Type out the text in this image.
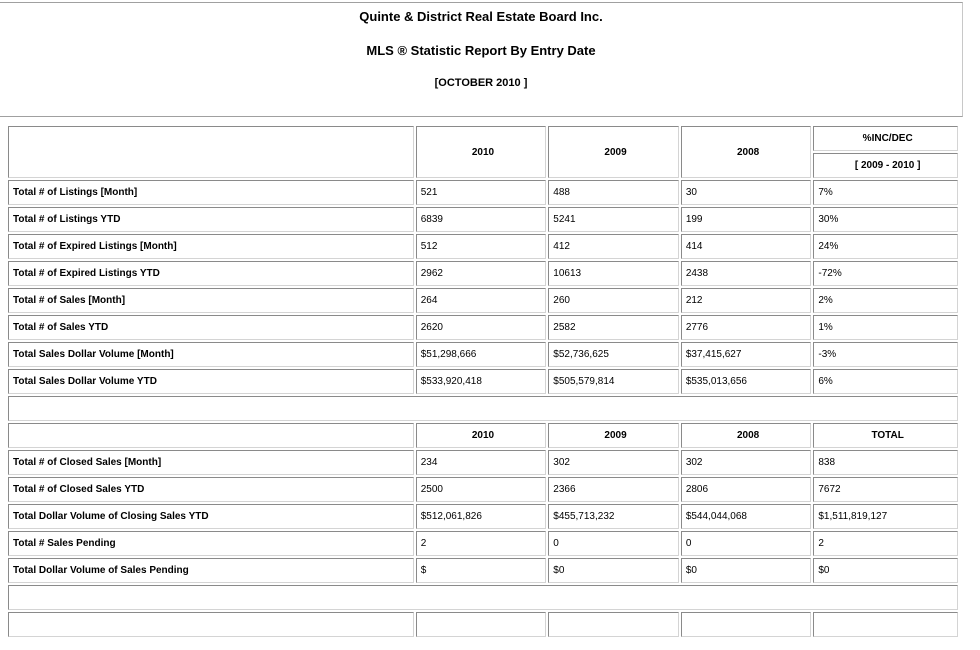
Quinte & District Real Estate Board Inc.
MLS ® Statistic Report By Entry Date
[OCTOBER 2010 ]
	2010	2009	2008	%INC/DEC
				[ 2009 - 2010 ]
Total # of Listings [Month]	521	488	30	7%
Total # of Listings YTD	6839	5241	199	30%
Total # of Expired Listings [Month]	512	412	414	24%
Total # of Expired Listings YTD	2962	10613	2438	-72%
Total # of Sales [Month]	264	260	212	2%
Total # of Sales YTD	2620	2582	2776	1%
Total Sales Dollar Volume [Month]	$51,298,666	$52,736,625	$37,415,627	-3%
Total Sales Dollar Volume YTD	$533,920,418	$505,579,814	$535,013,656	6%

	2010	2009	2008	TOTAL
Total # of Closed Sales [Month]	234	302	302	838
Total # of Closed Sales YTD	2500	2366	2806	7672
Total Dollar Volume of Closing Sales YTD	$512,061,826	$455,713,232	$544,044,068	$1,511,819,127
Total # Sales Pending	2	0	0	2
Total Dollar Volume of Sales Pending	$	$0	$0	$0
